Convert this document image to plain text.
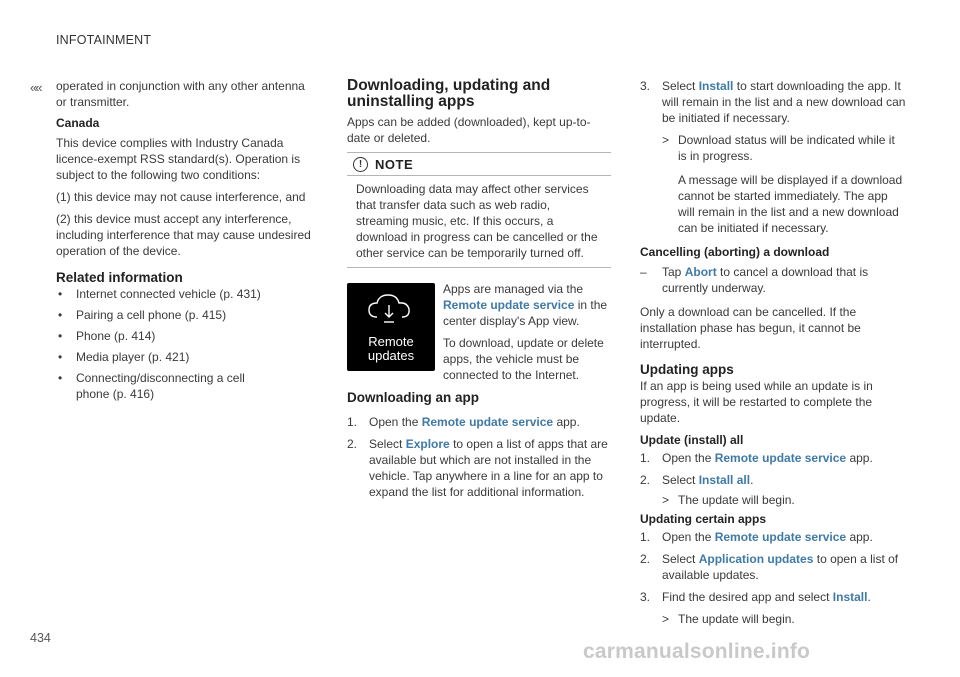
INFOTAINMENT
««
434

operated in conjunction with any other antenna or transmitter.

Canada

This device complies with Industry Canada licence-exempt RSS standard(s). Operation is subject to the following two conditions:

(1) this device may not cause interference, and

(2) this device must accept any interference, including interference that may cause undesired operation of the device.

Related information

• Internet connected vehicle (p. 431)

• Pairing a cell phone (p. 415)

• Phone (p. 414)

• Media player (p. 421)

• Connecting/disconnecting a cell phone (p. 416)

Downloading, updating and uninstalling apps

Apps can be added (downloaded), kept up-to-date or deleted.

! NOTE
Downloading data may affect other services that transfer data such as web radio, streaming music, etc. If this occurs, a download in progress can be cancelled or the other service can be temporarily turned off.
Remote
updates

Apps are managed via the Remote update service in the center display's App view.

To download, update or delete apps, the vehicle must be connected to the Internet.

Downloading an app

1. Open the Remote update service app.

2. Select Explore to open a list of apps that are available but which are not installed in the vehicle. Tap anywhere in a line for an app to expand the list for additional information.

3. Select Install to start downloading the app. It will remain in the list and a new download can be initiated if necessary.

> Download status will be indicated while it is in progress.

A message will be displayed if a download cannot be started immediately. The app will remain in the list and a new download can be initiated if necessary.

Cancelling (aborting) a download

– Tap Abort to cancel a download that is currently underway.

Only a download can be cancelled. If the installation phase has begun, it cannot be interrupted.

Updating apps

If an app is being used while an update is in progress, it will be restarted to complete the update.

Update (install) all

1. Open the Remote update service app.

2. Select Install all.

> The update will begin.

Updating certain apps

1. Open the Remote update service app.

2. Select Application updates to open a list of available updates.

3. Find the desired app and select Install.

> The update will begin.

carmanualsonline.info
